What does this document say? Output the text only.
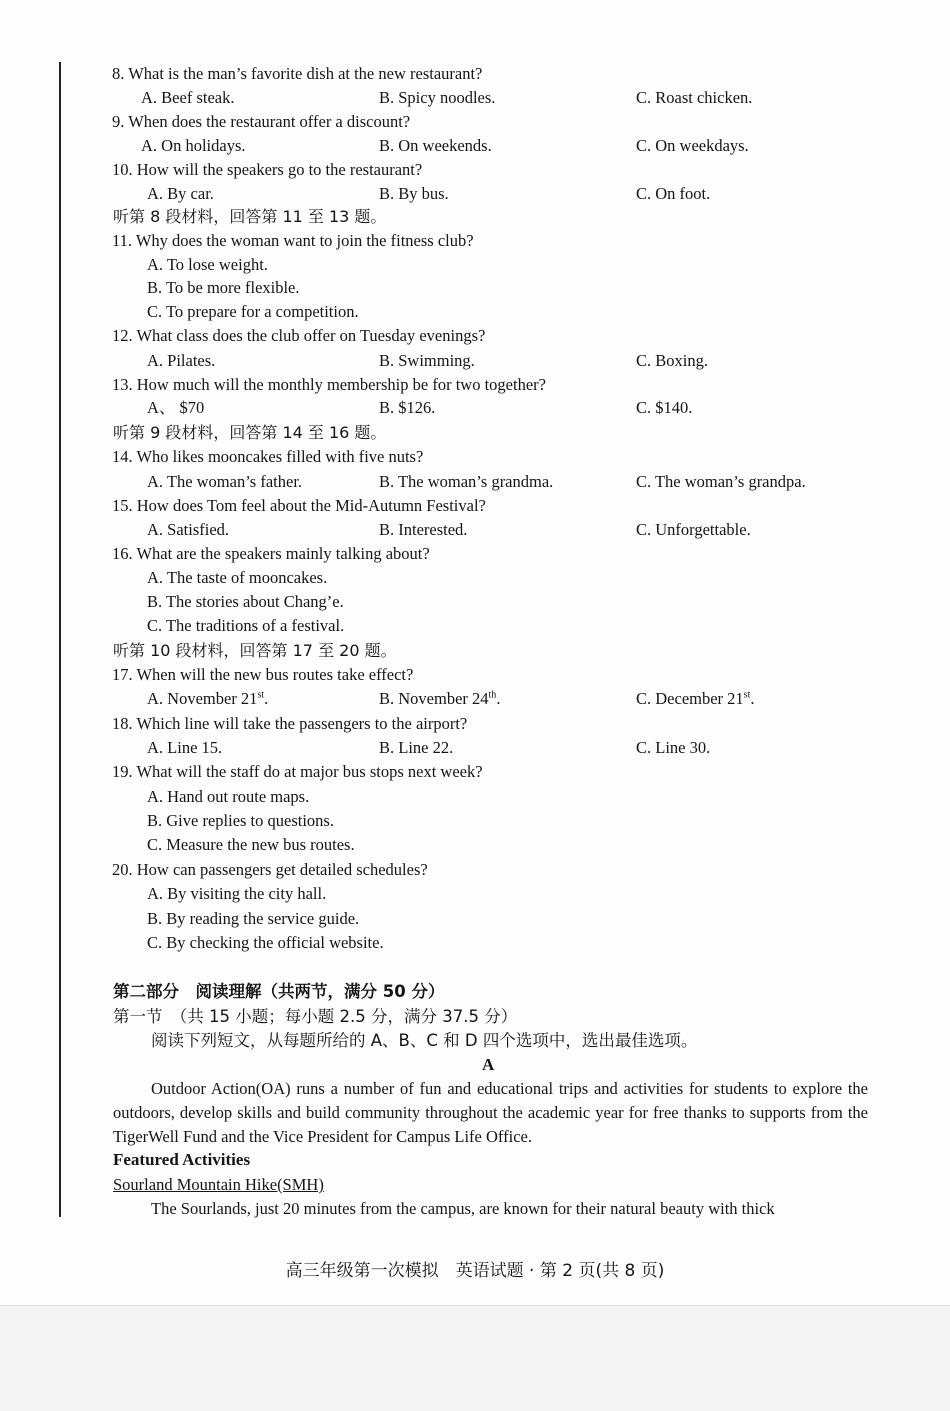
8. What is the man’s favorite dish at the new restaurant?
A. Beef steak.	B. Spicy noodles.	C. Roast chicken.
9. When does the restaurant offer a discount?
A. On holidays.	B. On weekends.	C. On weekdays.
10. How will the speakers go to the restaurant?
A. By car.	B. By bus.	C. On foot.
听第 8 段材料，回答第 11 至 13 题。
11. Why does the woman want to join the fitness club?
A. To lose weight.
B. To be more flexible.
C. To prepare for a competition.
12. What class does the club offer on Tuesday evenings?
A. Pilates.	B. Swimming.	C. Boxing.
13. How much will the monthly membership be for two together?
A、 $70	B. $126.	C. $140.
听第 9 段材料，回答第 14 至 16 题。
14. Who likes mooncakes filled with five nuts?
A. The woman’s father.	B. The woman’s grandma.	C. The woman’s grandpa.
15. How does Tom feel about the Mid-Autumn Festival?
A. Satisfied.	B. Interested.	C. Unforgettable.
16. What are the speakers mainly talking about?
A. The taste of mooncakes.
B. The stories about Chang’e.
C. The traditions of a festival.
听第 10 段材料，回答第 17 至 20 题。
17. When will the new bus routes take effect?
A. November 21st.	B. November 24th.	C. December 21st.
18. Which line will take the passengers to the airport?
A. Line 15.	B. Line 22.	C. Line 30.
19. What will the staff do at major bus stops next week?
A. Hand out route maps.
B. Give replies to questions.
C. Measure the new bus routes.
20. How can passengers get detailed schedules?
A. By visiting the city hall.
B. By reading the service guide.
C. By checking the official website.
第二部分　阅读理解（共两节，满分 50 分）
第一节　（共 15 小题；每小题 2.5 分，满分 37.5 分）
阅读下列短文，从每题所给的 A、B、C 和 D 四个选项中，选出最佳选项。
A
Outdoor Action(OA) runs a number of fun and educational trips and activities for students to explore the outdoors, develop skills and build community throughout the academic year for free thanks to supports from the TigerWell Fund and the Vice President for Campus Life Office.
Featured Activities
Sourland Mountain Hike(SMH)
The Sourlands, just 20 minutes from the campus, are known for their natural beauty with thick
高三年级第一次模拟　英语试题 · 第 2 页(共 8 页)
